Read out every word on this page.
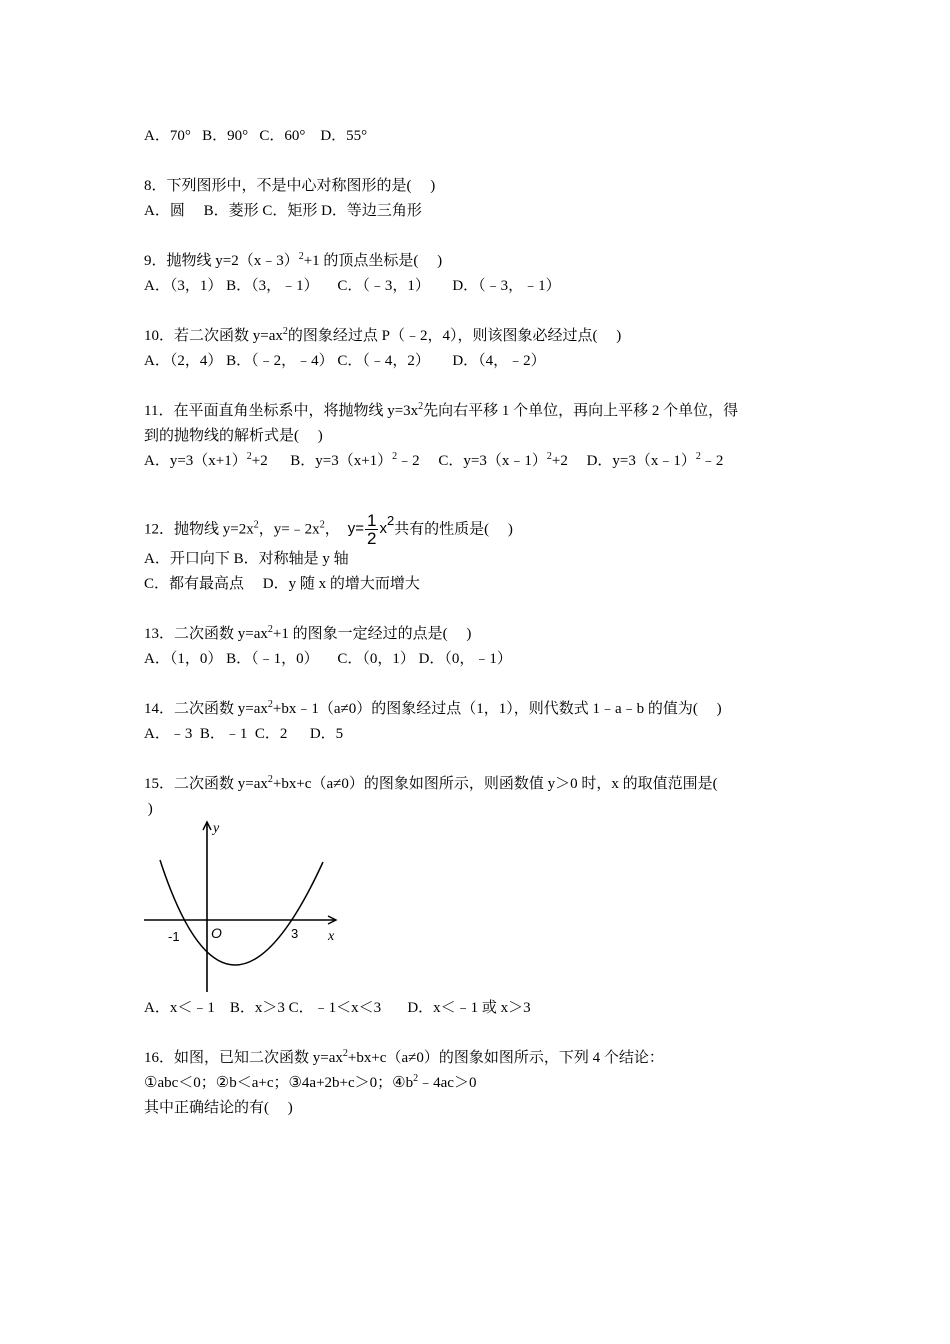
A．70°   B．90°   C．60°    D．55°
8．下列图形中，不是中心对称图形的是(     )
A．圆     B．菱形 C．矩形 D．等边三角形
9．抛物线 y=2（x﹣3）$^2$+1 的顶点坐标是(     )
A．（3，1） B．（3，﹣1）     C．（﹣3，1）      D．（﹣3，﹣1）
10．若二次函数 $y=ax^2$的图象经过点 P（﹣2，4），则该图象必经过点(     )
A．（2，4） B．（﹣2，﹣4） C．（﹣4，2）      D．（4，﹣2）
11．在平面直角坐标系中，将抛物线 $y=3x^2$先向右平移 1 个单位，再向上平移 2 个单位，得
到的抛物线的解析式是(     )
A．$y=3(x+1)^2+2$      B．$y=3(x+1)^2﹣2$     C．y=3（x﹣1）$^2$+2     D．y=3（x﹣1）$^2$﹣2
12．抛物线 $y=2x^2$，$y=﹣2x^2$， $y= \frac{1}{2} x^2$共有的性质是(     )
A．开口向下 B．对称轴是 y 轴
C．都有最高点     D．y 随 x 的增大而增大
13．二次函数 $y=ax^2+1$ 的图象一定经过的点是(     )
A．（1，0） B．（﹣1，0）     C．（0，1） D．（0，﹣1）
14．二次函数 $y=ax^2+bx﹣1(a\ne 0)$的图象经过点（1，1），则代数式 1﹣a﹣b 的值为(     )
A．﹣3  B．﹣1  C．2      D．5
15．二次函数 $y=ax^2+bx+c(a\ne 0)$的图象如图所示，则函数值 y＞0 时，x 的取值范围是(
)
y
x
O
-1	3
A．x＜﹣1    B．x＞3 C．﹣1＜x＜3       D．x＜﹣1 或 x＞3
16．如图，已知二次函数 $y=ax^2+bx+c(a\ne 0)$的图象如图所示，下列 4 个结论：
①abc＜0；②b＜a+c；③4a+2b+c＞0；$④b^2﹣4ac>0$
其中正确结论的有(     )
